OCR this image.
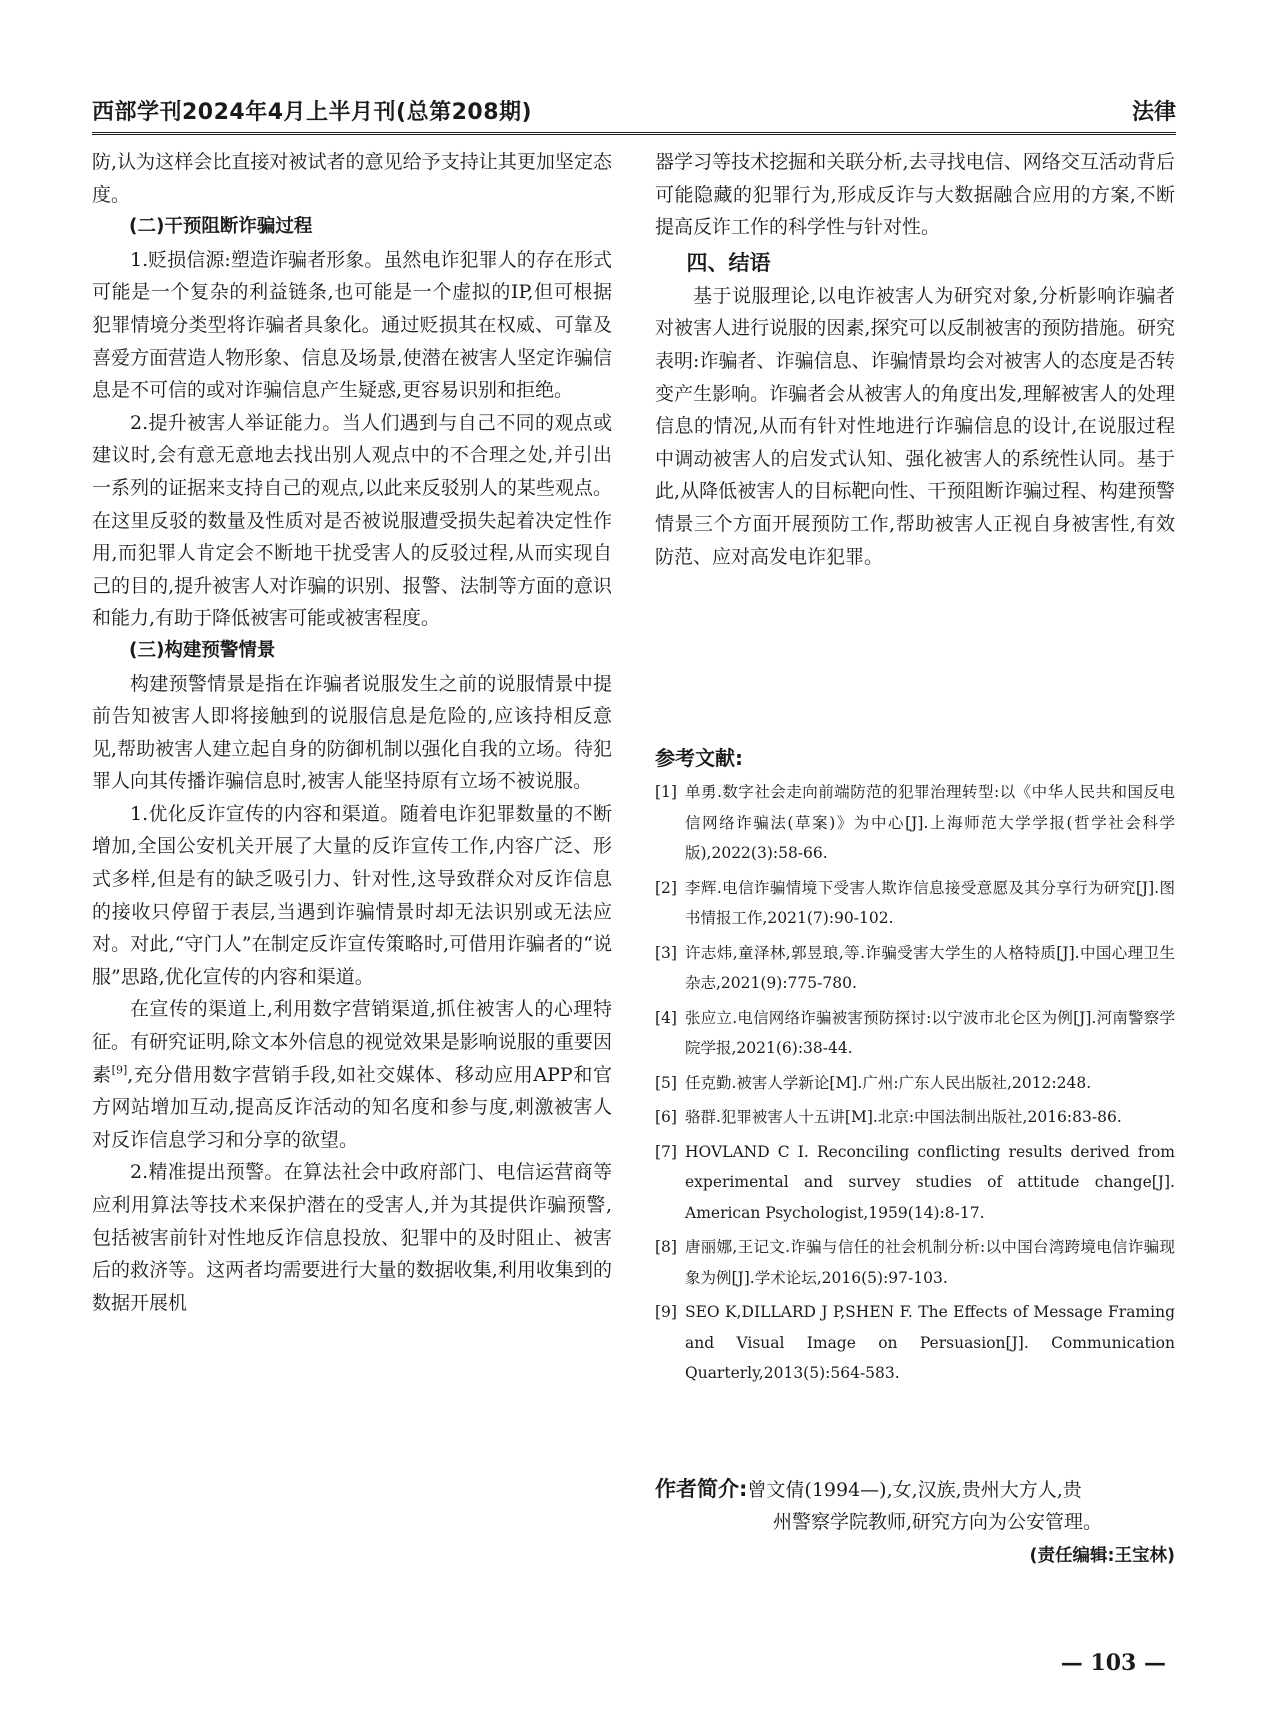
西部学刊2024年4月上半月刊(总第208期)	法律

防,认为这样会比直接对被试者的意见给予支持让其更加坚定态度。

(二)干预阻断诈骗过程

1.贬损信源:塑造诈骗者形象。虽然电诈犯罪人的存在形式可能是一个复杂的利益链条,也可能是一个虚拟的IP,但可根据犯罪情境分类型将诈骗者具象化。通过贬损其在权威、可靠及喜爱方面营造人物形象、信息及场景,使潜在被害人坚定诈骗信息是不可信的或对诈骗信息产生疑惑,更容易识别和拒绝。

2.提升被害人举证能力。当人们遇到与自己不同的观点或建议时,会有意无意地去找出别人观点中的不合理之处,并引出一系列的证据来支持自己的观点,以此来反驳别人的某些观点。在这里反驳的数量及性质对是否被说服遭受损失起着决定性作用,而犯罪人肯定会不断地干扰受害人的反驳过程,从而实现自己的目的,提升被害人对诈骗的识别、报警、法制等方面的意识和能力,有助于降低被害可能或被害程度。

(三)构建预警情景

构建预警情景是指在诈骗者说服发生之前的说服情景中提前告知被害人即将接触到的说服信息是危险的,应该持相反意见,帮助被害人建立起自身的防御机制以强化自我的立场。待犯罪人向其传播诈骗信息时,被害人能坚持原有立场不被说服。

1.优化反诈宣传的内容和渠道。随着电诈犯罪数量的不断增加,全国公安机关开展了大量的反诈宣传工作,内容广泛、形式多样,但是有的缺乏吸引力、针对性,这导致群众对反诈信息的接收只停留于表层,当遇到诈骗情景时却无法识别或无法应对。对此,“守门人”在制定反诈宣传策略时,可借用诈骗者的“说服”思路,优化宣传的内容和渠道。

在宣传的渠道上,利用数字营销渠道,抓住被害人的心理特征。有研究证明,除文本外信息的视觉效果是影响说服的重要因素[9],充分借用数字营销手段,如社交媒体、移动应用APP和官方网站增加互动,提高反诈活动的知名度和参与度,刺激被害人对反诈信息学习和分享的欲望。

2.精准提出预警。在算法社会中政府部门、电信运营商等应利用算法等技术来保护潜在的受害人,并为其提供诈骗预警,包括被害前针对性地反诈信息投放、犯罪中的及时阻止、被害后的救济等。这两者均需要进行大量的数据收集,利用收集到的数据开展机

器学习等技术挖掘和关联分析,去寻找电信、网络交互活动背后可能隐藏的犯罪行为,形成反诈与大数据融合应用的方案,不断提高反诈工作的科学性与针对性。

四、结语

基于说服理论,以电诈被害人为研究对象,分析影响诈骗者对被害人进行说服的因素,探究可以反制被害的预防措施。研究表明:诈骗者、诈骗信息、诈骗情景均会对被害人的态度是否转变产生影响。诈骗者会从被害人的角度出发,理解被害人的处理信息的情况,从而有针对性地进行诈骗信息的设计,在说服过程中调动被害人的启发式认知、强化被害人的系统性认同。基于此,从降低被害人的目标靶向性、干预阻断诈骗过程、构建预警情景三个方面开展预防工作,帮助被害人正视自身被害性,有效防范、应对高发电诈犯罪。

参考文献:
[1] 单勇.数字社会走向前端防范的犯罪治理转型:以《中华人民共和国反电信网络诈骗法(草案)》为中心[J].上海师范大学学报(哲学社会科学版),2022(3):58-66.
[2] 李辉.电信诈骗情境下受害人欺诈信息接受意愿及其分享行为研究[J].图书情报工作,2021(7):90-102.
[3] 许志炜,童泽林,郭昱琅,等.诈骗受害大学生的人格特质[J].中国心理卫生杂志,2021(9):775-780.
[4] 张应立.电信网络诈骗被害预防探讨:以宁波市北仑区为例[J].河南警察学院学报,2021(6):38-44.
[5] 任克勤.被害人学新论[M].广州:广东人民出版社,2012:248.
[6] 骆群.犯罪被害人十五讲[M].北京:中国法制出版社,2016:83-86.
[7] HOVLAND C I. Reconciling conflicting results derived from experimental and survey studies of attitude change[J]. American Psychologist,1959(14):8-17.
[8] 唐丽娜,王记文.诈骗与信任的社会机制分析:以中国台湾跨境电信诈骗现象为例[J].学术论坛,2016(5):97-103.
[9] SEO K,DILLARD J P,SHEN F. The Effects of Message Framing and Visual Image on Persuasion[J]. Communication Quarterly,2013(5):564-583.
作者简介:曾文倩(1994—),女,汉族,贵州大方人,贵
州警察学院教师,研究方向为公安管理。
(责任编辑:王宝林)
— 103 —
